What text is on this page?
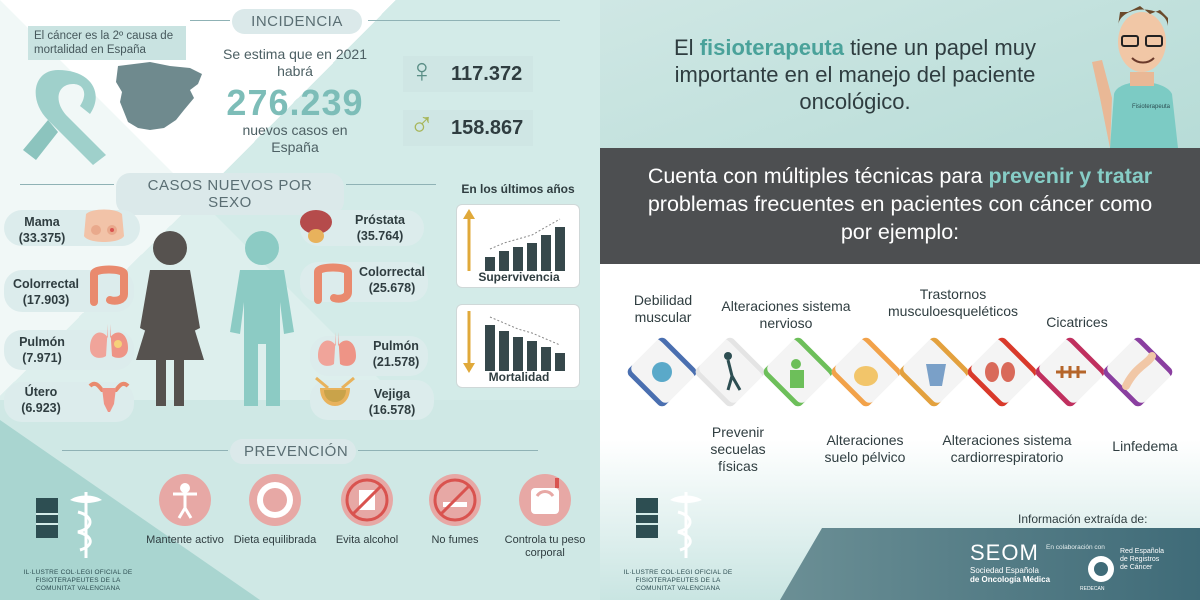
INCIDENCIA
El cáncer es la 2º causa de mortalidad en España	Se estima que en 2021 habrá
276.239
nuevos casos en España
♀ 117.372
♂ 158.867
CASOS NUEVOS POR SEXO
Mama
(33.375)
Colorrectal
(17.903)
Pulmón
(7.971)
Útero
(6.923)
Próstata
(35.764)
Colorrectal
(25.678)
Pulmón
(21.578)
Vejiga
(16.578)
En los últimos años
Supervivencia
Mortalidad
PREVENCIÓN
Mantente activo Dieta equilibrada	Evita alcohol	No fumes	Controla tu peso corporal
IL·LUSTRE COL·LEGI OFICIAL DE FISIOTERAPEUTES DE LA COMUNITAT VALENCIANA
El fisioterapeuta tiene un papel muy importante en el manejo del paciente oncológico.	Fisioterapeuta
Cuenta con múltiples técnicas para prevenir y tratar problemas frecuentes en pacientes con cáncer como por ejemplo:
Debilidad muscular
Alteraciones sistema nervioso
Trastornos musculoesqueléticos
Cicatrices
Prevenir secuelas físicas
Alteraciones suelo pélvico
Alteraciones sistema cardiorrespiratorio
Linfedema
IL·LUSTRE COL·LEGI OFICIAL DE FISIOTERAPEUTES DE LA COMUNITAT VALENCIANA
Información extraída de:
SEOM
Sociedad Española
de Oncología Médica
En colaboración con
Red Española
de Registros
de Cáncer
REDECAN
